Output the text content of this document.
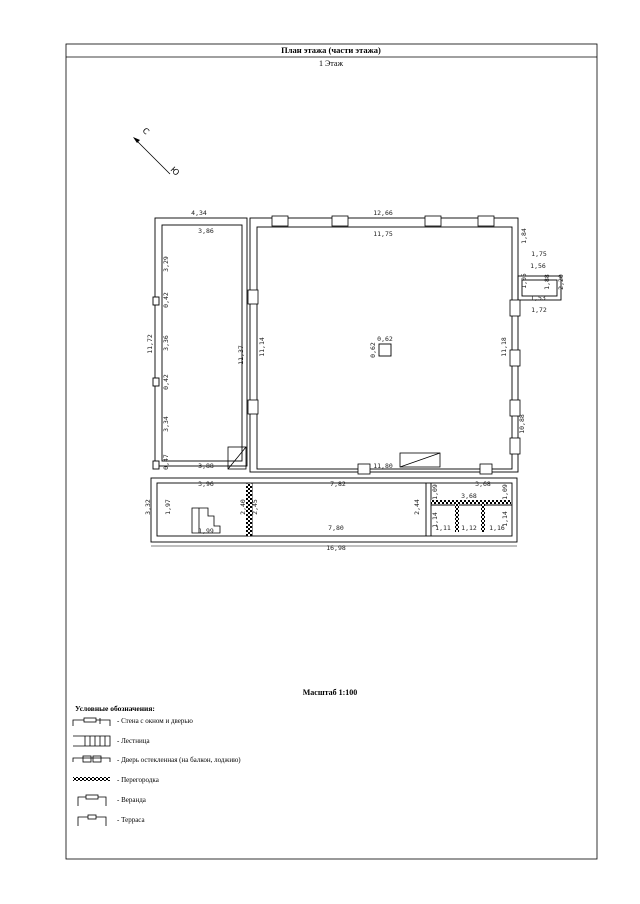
План этажа (части этажа)
1 Этаж
С
Ю
4,34
3,86
12,66
11,75	1,84
1,75
1,56
1,88 2,20
1,05
1,53
1,72
11,72
3,29
0,42
3,36
0,42
3,34
0,47
11,37 11,14	0,62
0,62	11,18
10,88
3,88	11,80
3,96	7,82	3,68
3,68
3,32 1,97
1,99
2,40 2,45
7,80
2,44
1,09	1,09
1,14
1,11 1,12 1,16
1,14
16,98
Масштаб 1:100
Условные обозначения:
- Стена с окном и дверью
- Лестница
- Дверь остекленная (на балкон, лоджию)
- Перегородка
- Веранда
- Терраса
